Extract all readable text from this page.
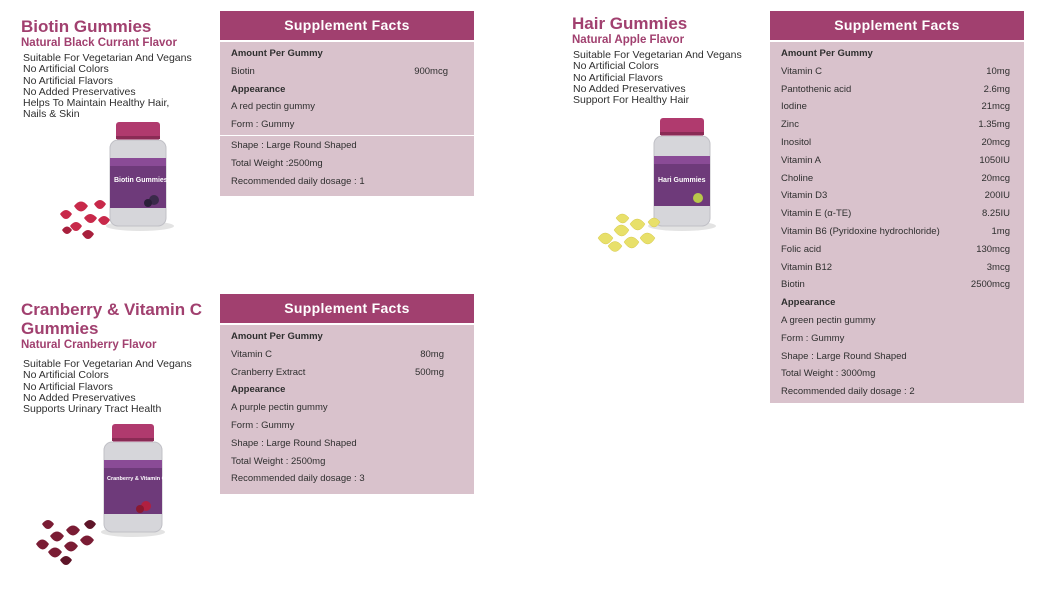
Biotin Gummies
Natural Black Currant Flavor
Suitable For Vegetarian And Vegans
No Artificial Colors
No Artificial Flavors
No Added Preservatives
Helps To Maintain Healthy Hair,
Nails & Skin
Biotin Gummies
Supplement Facts
Amount Per Gummy
Biotin	900mcg
Appearance
A red pectin gummy
Form : Gummy
Shape : Large Round Shaped
Total Weight :2500mg
Recommended daily dosage : 1
Cranberry & Vitamin C
Gummies
Natural Cranberry Flavor
Suitable For Vegetarian And Vegans
No Artificial Colors
No Artificial Flavors
No Added Preservatives
Supports Urinary Tract Health
Cranberry & Vitamin C Gummies
Supplement Facts
Amount Per Gummy
Vitamin C	80mg
Cranberry Extract	500mg
Appearance
A purple pectin gummy
Form : Gummy
Shape : Large Round Shaped
Total Weight : 2500mg
Recommended daily dosage : 3
Hair Gummies
Natural Apple Flavor
Suitable For Vegetarian And Vegans
No Artificial Colors
No Artificial Flavors
No Added Preservatives
Support For Healthy Hair
Hari Gummies
Supplement Facts
Amount Per Gummy
Vitamin C	10mg
Pantothenic acid	2.6mg
Iodine	21mcg
Zinc	1.35mg
Inositol	20mcg
Vitamin A	1050IU
Choline	20mcg
Vitamin D3	200IU
Vitamin E (α-TE)	8.25IU
Vitamin B6 (Pyridoxine hydrochloride)	1mg
Folic acid	130mcg
Vitamin B12	3mcg
Biotin	2500mcg
Appearance
A green pectin gummy
Form : Gummy
Shape : Large Round Shaped
Total Weight : 3000mg
Recommended daily dosage : 2
